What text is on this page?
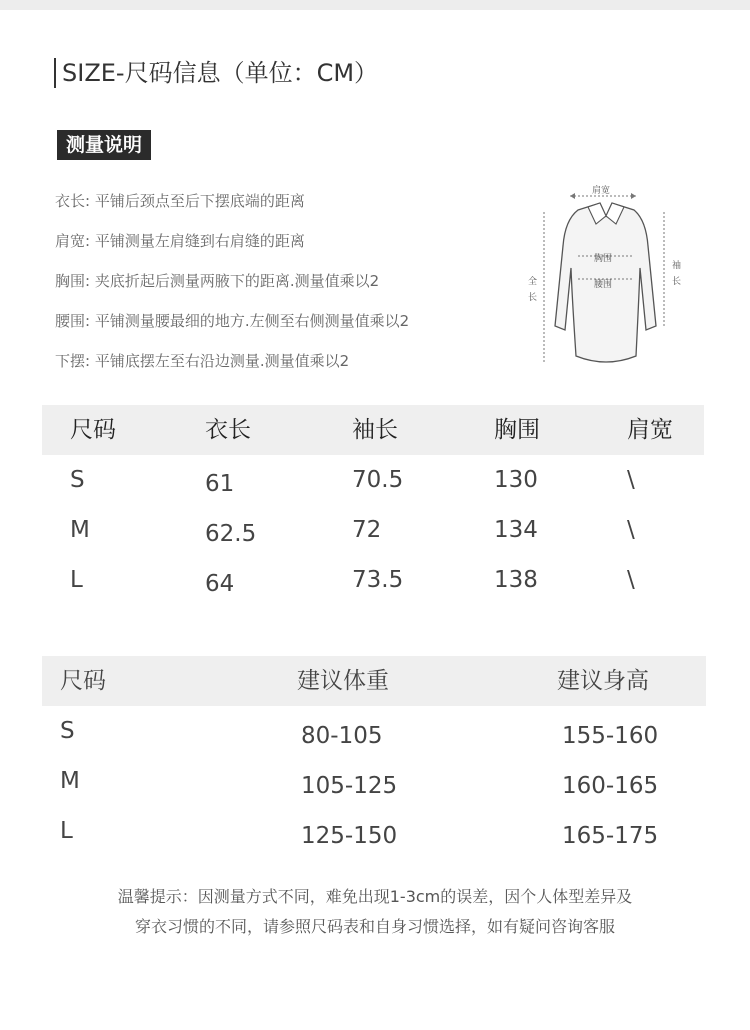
SIZE-尺码信息（单位：CM）
测量说明
衣长: 平铺后颈点至后下摆底端的距离
肩宽: 平铺测量左肩缝到右肩缝的距离
胸围: 夹底折起后测量两腋下的距离.测量值乘以2
腰围: 平铺测量腰最细的地方.左侧至右侧测量值乘以2
下摆: 平铺底摆左至右沿边测量.测量值乘以2
肩宽
胸围
腰围
全
长
袖
长
尺码	衣长	袖长	胸围	肩宽
S	61	70.5	130	\
M	62.5	72	134	\
L	64	73.5	138	\
尺码	建议体重	建议身高
S	80-105	155-160
M	105-125	160-165
L	125-150	165-175
温馨提示：因测量方式不同，难免出现1-3cm的误差，因个人体型差异及
穿衣习惯的不同，请参照尺码表和自身习惯选择，如有疑问咨询客服
